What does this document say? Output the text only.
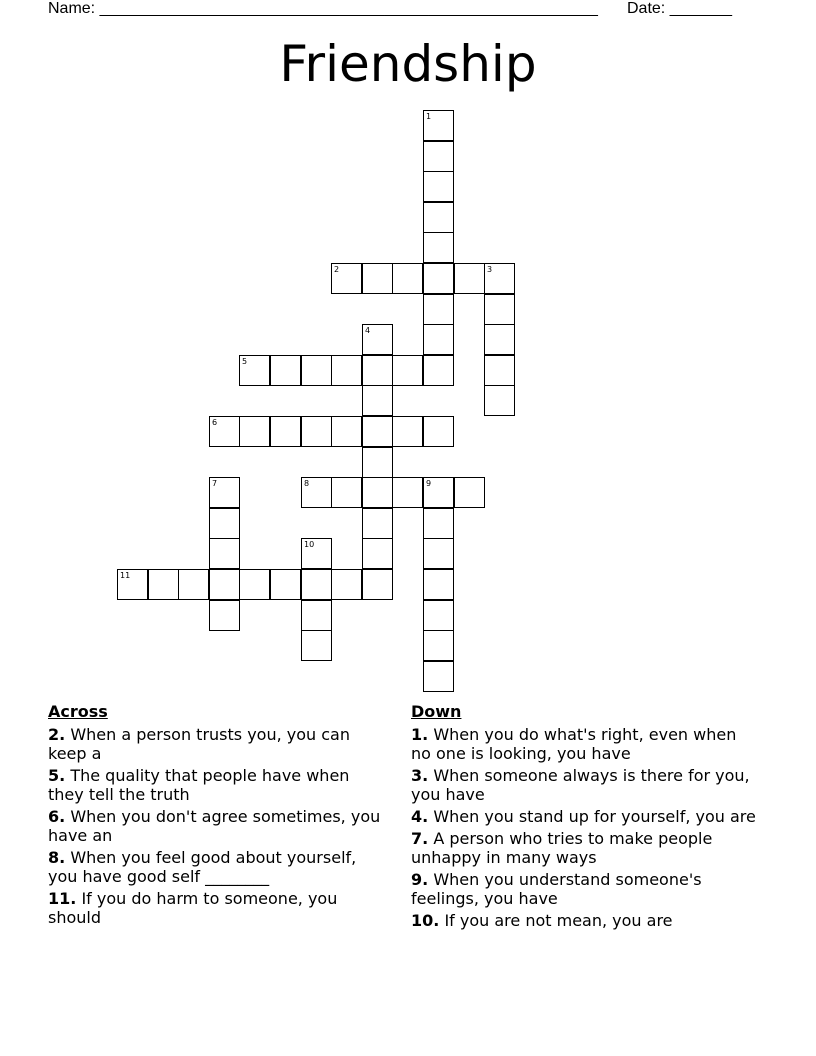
Name: ________________________________________________________ Date: _______
Friendship
1
2	3
4
5
6
7	8	9
10
11
Across
2. When a person trusts you, you can keep a
5. The quality that people have when they tell the truth
6. When you don't agree sometimes, you have an
8. When you feel good about yourself, you have good self ________
11. If you do harm to someone, you should
Down
1. When you do what's right, even when no one is looking, you have
3. When someone always is there for you, you have
4. When you stand up for yourself, you are
7. A person who tries to make people unhappy in many ways
9. When you understand someone's feelings, you have
10. If you are not mean, you are
